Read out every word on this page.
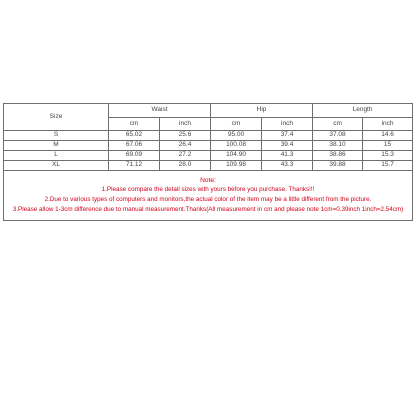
Size	Waist		Hip		Length	
	cm	inch	cm	inch	cm	inch
S	65.02	25.6	95.00	37.4	37.08	14.6
M	67.06	26.4	100.08	39.4	38.10	15
L	69.09	27.2	104.90	41.3	38.86	15.3
XL	71.12	28.0	109.98	43.3	39.88	15.7

Note:
1.Please compare the detail sizes with yours before you purchase. Thanks!!!
2.Due to various types of computers and monitors,the actual color of the item may be a little different from the picture.
3.Please allow 1-3cm difference due to manual measurement.Thanks(All measurement in cm and please note 1cm=0.39inch 1inch=2.54cm)						
